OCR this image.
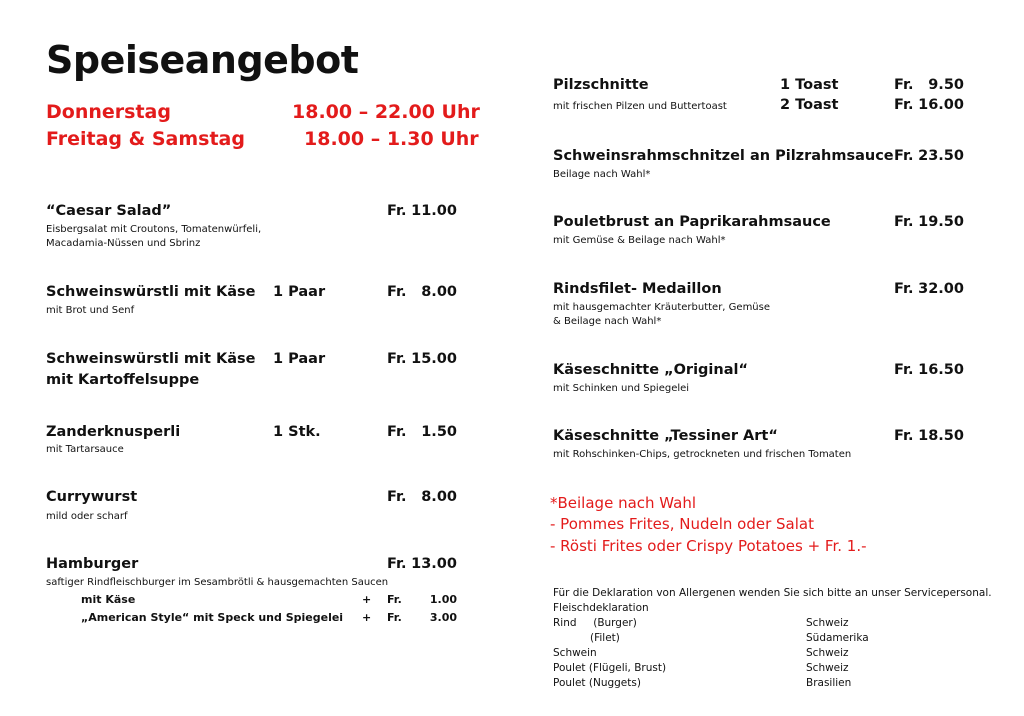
Speiseangebot
Donnerstag	18.00 – 22.00 Uhr
Freitag & Samstag	18.00 – 1.30 Uhr
“Caesar Salad”	Fr. 11.00
Eisbergsalat mit Croutons, Tomatenwürfeli,
Macadamia-Nüssen und Sbrinz
Schweinswürstli mit Käse 1 Paar	Fr. 8.00
mit Brot und Senf
Schweinswürstli mit Käse
mit Kartoffelsuppe
1 Paar	Fr. 15.00
Zanderknusperli	1 Stk.	Fr. 1.50
mit Tartarsauce
Currywurst	Fr. 8.00
mild oder scharf
Hamburger	Fr. 13.00
saftiger Rindfleischburger im Sesambrötli & hausgemachten Saucen
mit Käse	+ Fr.	1.00
„American Style“ mit Speck und Spiegelei + Fr.	3.00
Pilzschnitte
mit frischen Pilzen und Buttertoast
1 Toast	Fr. 9.50
2 Toast	Fr. 16.00
Schweinsrahmschnitzel an Pilzrahmsauce Fr. 23.50
Beilage nach Wahl*
Pouletbrust an Paprikarahmsauce	Fr. 19.50
mit Gemüse & Beilage nach Wahl*
Rindsfilet- Medaillon	Fr. 32.00
mit hausgemachter Kräuterbutter, Gemüse
& Beilage nach Wahl*
Käseschnitte „Original“	Fr. 16.50
mit Schinken und Spiegelei
Käseschnitte „Tessiner Art“	Fr. 18.50
mit Rohschinken-Chips, getrockneten und frischen Tomaten
*Beilage nach Wahl
- Pommes Frites, Nudeln oder Salat
- Rösti Frites oder Crispy Potatoes + Fr. 1.-
Für die Deklaration von Allergenen wenden Sie sich bitte an unser Servicepersonal.
Fleischdeklaration
Rind     (Burger)	Schweiz
(Filet)	Südamerika
Schwein	Schweiz
Poulet (Flügeli, Brust)	Schweiz
Poulet (Nuggets)	Brasilien
